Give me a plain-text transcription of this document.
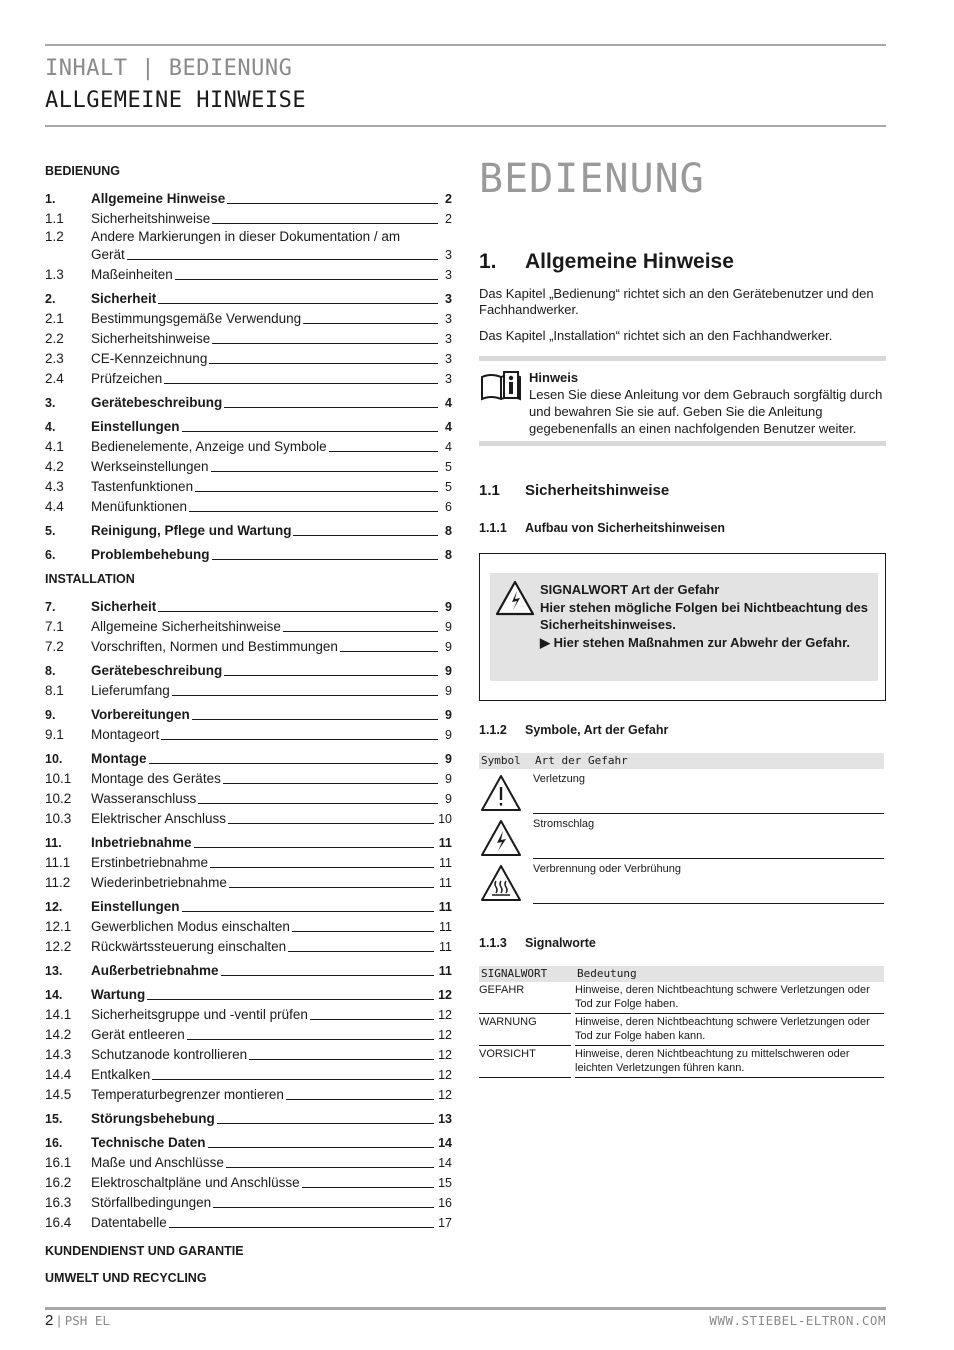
INHALT | BEDIENUNG
ALLGEMEINE HINWEISE
BEDIENUNG
1.	Allgemeine Hinweise	2
1.1	Sicherheitshinweise	2
1.2	Andere Markierungen in dieser Dokumentation / am
Gerät	3
1.3	Maßeinheiten	3
2.	Sicherheit	3
2.1	Bestimmungsgemäße Verwendung	3
2.2	Sicherheitshinweise	3
2.3	CE-Kennzeichnung	3
2.4	Prüfzeichen	3
3.	Gerätebeschreibung	4
4.	Einstellungen	4
4.1	Bedienelemente, Anzeige und Symbole	4
4.2	Werkseinstellungen	5
4.3	Tastenfunktionen	5
4.4	Menüfunktionen	6
5.	Reinigung, Pflege und Wartung	8
6.	Problembehebung	8
INSTALLATION
7.	Sicherheit	9
7.1	Allgemeine Sicherheitshinweise	9
7.2	Vorschriften, Normen und Bestimmungen	9
8.	Gerätebeschreibung	9
8.1	Lieferumfang	9
9.	Vorbereitungen	9
9.1	Montageort	9
10.	Montage	9
10.1	Montage des Gerätes	9
10.2	Wasseranschluss	9
10.3	Elektrischer Anschluss	10
11.	Inbetriebnahme	11
11.1	Erstinbetriebnahme	11
11.2	Wiederinbetriebnahme	11
12.	Einstellungen	11
12.1	Gewerblichen Modus einschalten	11
12.2	Rückwärtssteuerung einschalten	11
13.	Außerbetriebnahme	11
14.	Wartung	12
14.1	Sicherheitsgruppe und -ventil prüfen	12
14.2	Gerät entleeren	12
14.3	Schutzanode kontrollieren	12
14.4	Entkalken	12
14.5	Temperaturbegrenzer montieren	12
15.	Störungsbehebung	13
16.	Technische Daten	14
16.1	Maße und Anschlüsse	14
16.2	Elektroschaltpläne und Anschlüsse	15
16.3	Störfallbedingungen	16
16.4	Datentabelle	17
KUNDENDIENST UND GARANTIE
UMWELT UND RECYCLING
BEDIENUNG
1.	Allgemeine Hinweise
Das Kapitel „Bedienung“ richtet sich an den Gerätebenutzer und den Fachhandwerker.
Das Kapitel „Installation“ richtet sich an den Fachhandwerker.
Hinweis
Lesen Sie diese Anleitung vor dem Gebrauch sorgfältig durch und bewahren Sie sie auf. Geben Sie die Anleitung gegebenenfalls an einen nachfolgenden Benutzer weiter.
1.1	Sicherheitshinweise
1.1.1	Aufbau von Sicherheitshinweisen
SIGNALWORT Art der Gefahr
Hier stehen mögliche Folgen bei Nichtbeachtung des Sicherheitshinweises.
▶ Hier stehen Maßnahmen zur Abwehr der Gefahr.
1.1.2	Symbole, Art der Gefahr
Symbol	Art der Gefahr
Verletzung
Stromschlag
Verbrennung oder Verbrühung
1.1.3	Signalworte
SIGNALWORT	Bedeutung
GEFAHR	Hinweise, deren Nichtbeachtung schwere Verletzungen oder Tod zur Folge haben.
WARNUNG	Hinweise, deren Nichtbeachtung schwere Verletzungen oder Tod zur Folge haben kann.
VORSICHT	Hinweise, deren Nichtbeachtung zu mittelschweren oder leichten Verletzungen führen kann.
2 | PSH EL	WWW.STIEBEL-ELTRON.COM
